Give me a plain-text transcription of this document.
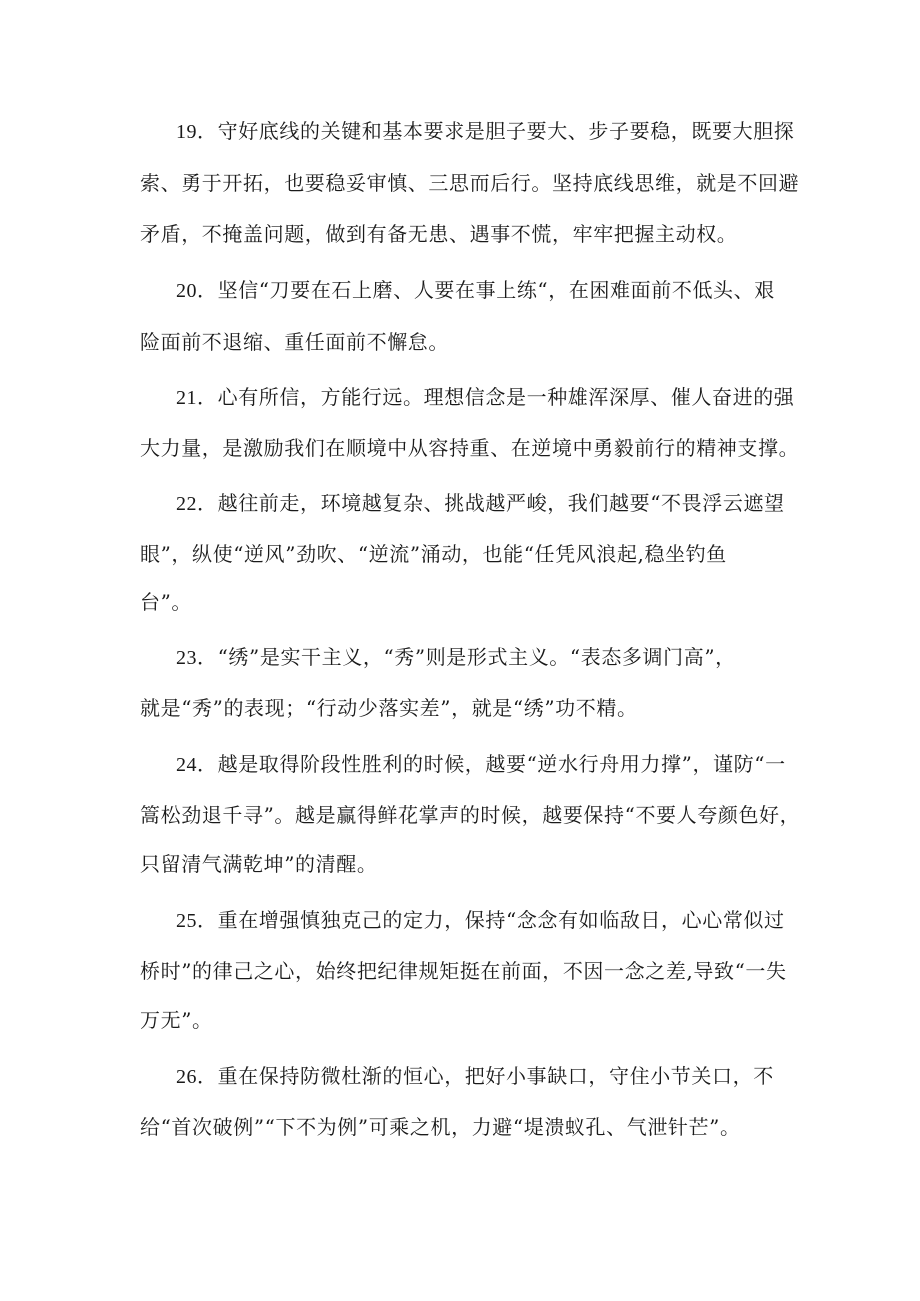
19．守好底线的关键和基本要求是胆子要大、步子要稳，既要大胆探
索、勇于开拓，也要稳妥审慎、三思而后行。坚持底线思维，就是不回避
矛盾，不掩盖问题，做到有备无患、遇事不慌，牢牢把握主动权。
20．坚信“刀要在石上磨、人要在事上练“，在困难面前不低头、艰
险面前不退缩、重任面前不懈怠。
21．心有所信，方能行远。理想信念是一种雄浑深厚、催人奋进的强
大力量，是激励我们在顺境中从容持重、在逆境中勇毅前行的精神支撑。
22．越往前走，环境越复杂、挑战越严峻，我们越要“不畏浮云遮望
眼”，纵使“逆风”劲吹、“逆流”涌动，也能“任凭风浪起,稳坐钓鱼
台”。
23．“绣”是实干主义，“秀”则是形式主义。“表态多调门高”，
就是“秀”的表现；“行动少落实差”，就是“绣”功不精。
24．越是取得阶段性胜利的时候，越要“逆水行舟用力撑”，谨防“一
篙松劲退千寻”。越是赢得鲜花掌声的时候，越要保持“不要人夸颜色好，
只留清气满乾坤”的清醒。
25．重在增强慎独克己的定力，保持“念念有如临敌日，心心常似过
桥时”的律己之心，始终把纪律规矩挺在前面，不因一念之差,导致“一失
万无”。
26．重在保持防微杜渐的恒心，把好小事缺口，守住小节关口，不
给“首次破例”“下不为例”可乘之机，力避“堤溃蚁孔、气泄针芒”。
